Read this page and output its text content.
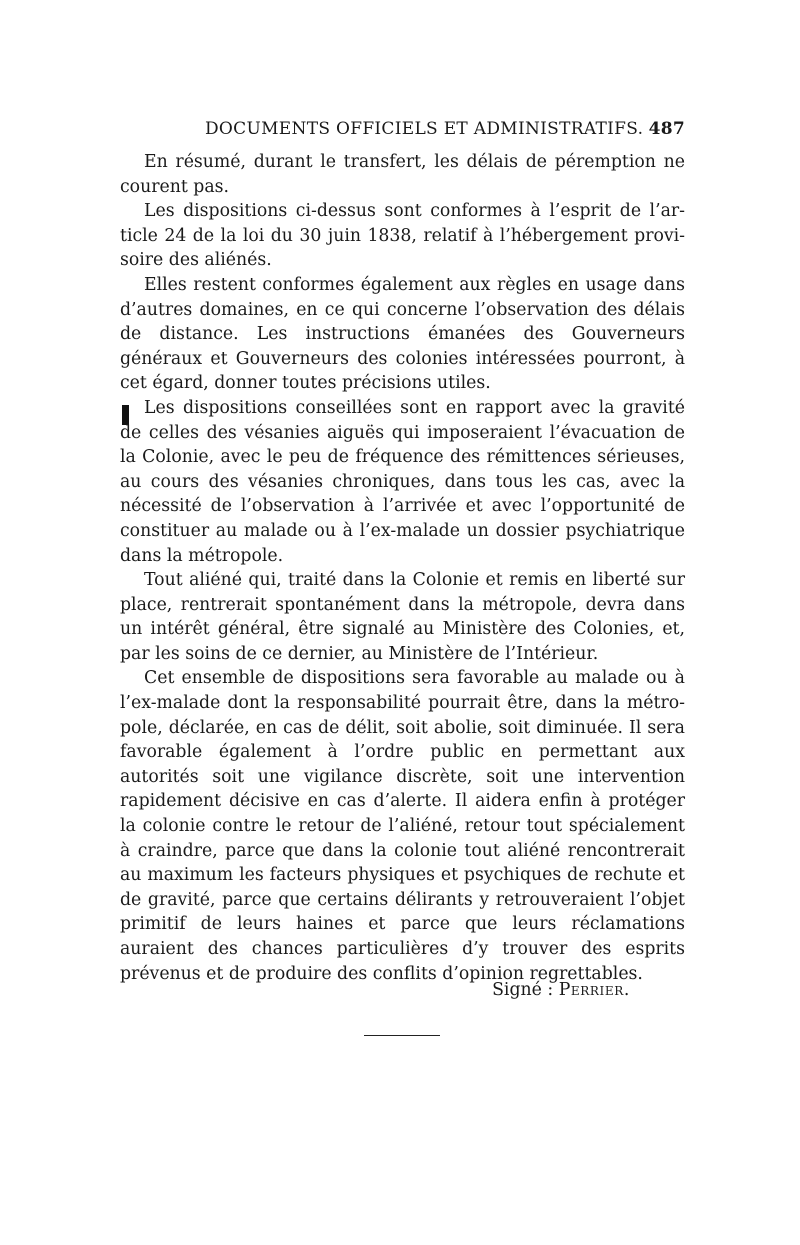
DOCUMENTS OFFICIELS ET ADMINISTRATIFS. 487

En résumé, durant le transfert, les délais de péremption ne courent pas.

Les dispositions ci-dessus sont conformes à l’esprit de l’article 24 de la loi du 30 juin 1838, relatif à l’hébergement provisoire des aliénés.

Elles restent conformes également aux règles en usage dans d’autres domaines, en ce qui concerne l’observation des délais de distance. Les instructions émanées des Gouverneurs généraux et Gouverneurs des colonies intéressées pourront, à cet égard, donner toutes précisions utiles.

Les dispositions conseillées sont en rapport avec la gravité de celles des vésanies aiguës qui imposeraient l’évacuation de la Colonie, avec le peu de fréquence des rémittences sérieuses, au cours des vésanies chroniques, dans tous les cas, avec la nécessité de l’observation à l’arrivée et avec l’opportunité de constituer au malade ou à l’ex-malade un dossier psychiatrique dans la métropole.

Tout aliéné qui, traité dans la Colonie et remis en liberté sur place, rentrerait spontanément dans la métropole, devra dans un intérêt général, être signalé au Ministère des Colonies, et, par les soins de ce dernier, au Ministère de l’Intérieur.

Cet ensemble de dispositions sera favorable au malade ou à l’ex-malade dont la responsabilité pourrait être, dans la métropole, déclarée, en cas de délit, soit abolie, soit diminuée. Il sera favorable également à l’ordre public en permettant aux autorités soit une vigilance discrète, soit une intervention rapidement décisive en cas d’alerte. Il aidera enfin à protéger la colonie contre le retour de l’aliéné, retour tout spécialement à craindre, parce que dans la colonie tout aliéné rencontrerait au maximum les facteurs physiques et psychiques de rechute et de gravité, parce que certains délirants y retrouveraient l’objet primitif de leurs haines et parce que leurs réclamations auraient des chances particulières d’y trouver des esprits prévenus et de produire des conflits d’opinion regrettables.

Signé : Perrier.
